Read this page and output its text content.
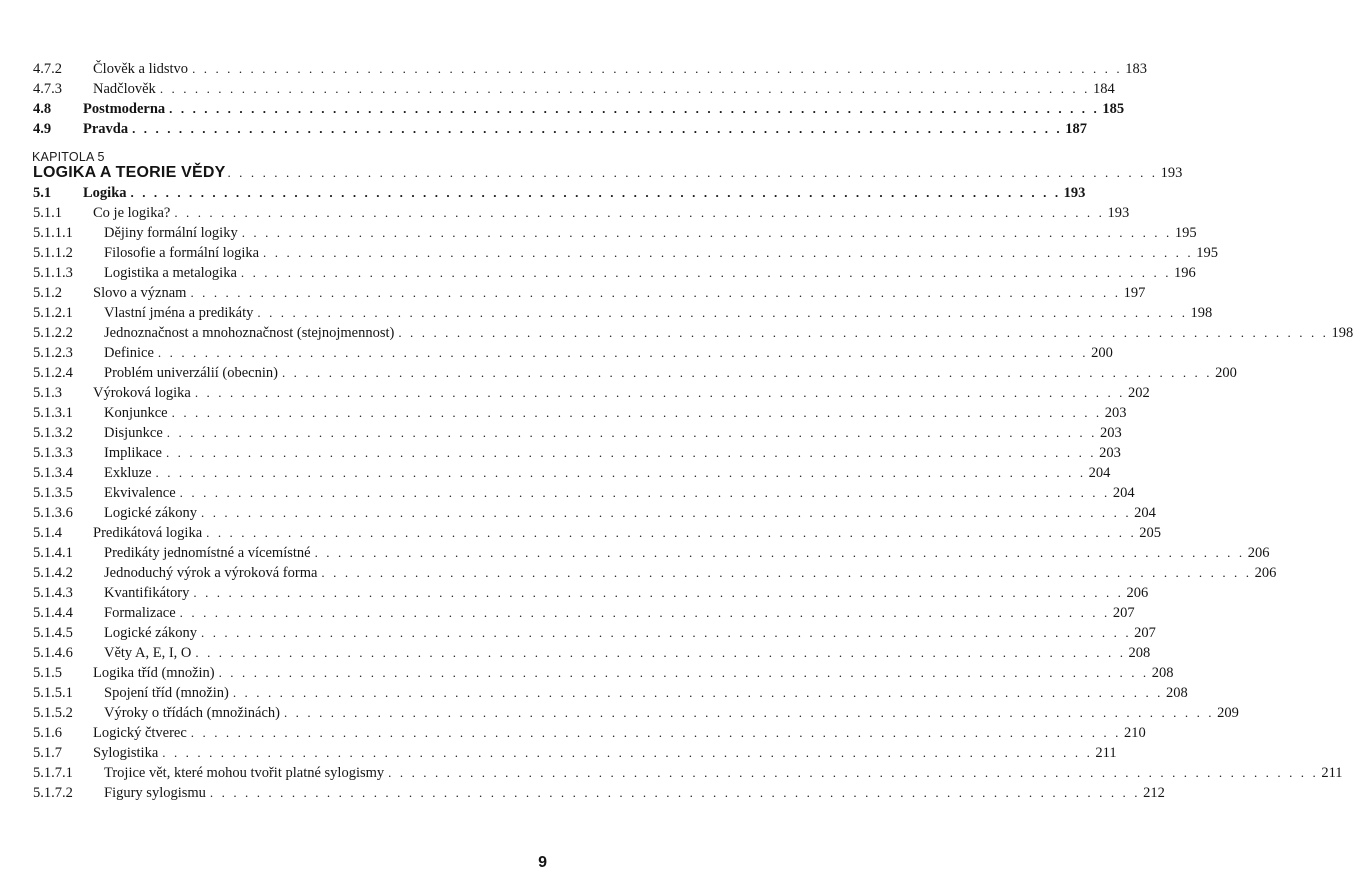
KAPITOLA 5
4.7.2 Člověk a lidstvo . . . . . . . . . . . . . . . . . . . . . . . . . . . . . . . . . . . . . . . . . . . . . . . . . . . . . . . . . . . . . . . . . . . . . . . . . . . . . . . . 183
4.7.3 Nadčlověk . . . . . . . . . . . . . . . . . . . . . . . . . . . . . . . . . . . . . . . . . . . . . . . . . . . . . . . . . . . . . . . . . . . . . . . . . . . . . . . . 184
4.8 Postmoderna . . . . . . . . . . . . . . . . . . . . . . . . . . . . . . . . . . . . . . . . . . . . . . . . . . . . . . . . . . . . . . . . . . . . . . . . . . . . . . . . 185
4.9 Pravda . . . . . . . . . . . . . . . . . . . . . . . . . . . . . . . . . . . . . . . . . . . . . . . . . . . . . . . . . . . . . . . . . . . . . . . . . . . . . . . . 187
LOGIKA A TEORIE VĚDY . . . . . . . . . . . . . . . . . . . . . . . . . . . . . . . . . . . . . . . . . . . . . . . . . . . . . . . . . . . . . . . . . . . . . . . . . . . . . . . . 193
5.1 Logika . . . . . . . . . . . . . . . . . . . . . . . . . . . . . . . . . . . . . . . . . . . . . . . . . . . . . . . . . . . . . . . . . . . . . . . . . . . . . . . . 193
5.1.1 Co je logika? . . . . . . . . . . . . . . . . . . . . . . . . . . . . . . . . . . . . . . . . . . . . . . . . . . . . . . . . . . . . . . . . . . . . . . . . . . . . . . . . 193
5.1.1.1 Dějiny formální logiky . . . . . . . . . . . . . . . . . . . . . . . . . . . . . . . . . . . . . . . . . . . . . . . . . . . . . . . . . . . . . . . . . . . . . . . . . . . . . . . . 195
5.1.1.2 Filosofie a formální logika . . . . . . . . . . . . . . . . . . . . . . . . . . . . . . . . . . . . . . . . . . . . . . . . . . . . . . . . . . . . . . . . . . . . . . . . . . . . . . . . 195
5.1.1.3 Logistika a metalogika . . . . . . . . . . . . . . . . . . . . . . . . . . . . . . . . . . . . . . . . . . . . . . . . . . . . . . . . . . . . . . . . . . . . . . . . . . . . . . . . 196
5.1.2 Slovo a význam . . . . . . . . . . . . . . . . . . . . . . . . . . . . . . . . . . . . . . . . . . . . . . . . . . . . . . . . . . . . . . . . . . . . . . . . . . . . . . . . 197
5.1.2.1 Vlastní jména a predikáty . . . . . . . . . . . . . . . . . . . . . . . . . . . . . . . . . . . . . . . . . . . . . . . . . . . . . . . . . . . . . . . . . . . . . . . . . . . . . . . . 198
5.1.2.2 Jednoznačnost a mnohoznačnost (stejnojmennost) . . . . . . . . . . . . . . . . . . . . . . . . . . . . . . . . . . . . . . . . . . . . . . . . . . . . . . . . . . . . . . . . . . . . . . . . . . . . . . . . 198
5.1.2.3 Definice . . . . . . . . . . . . . . . . . . . . . . . . . . . . . . . . . . . . . . . . . . . . . . . . . . . . . . . . . . . . . . . . . . . . . . . . . . . . . . . . 200
5.1.2.4 Problém univerzálií (obecnin) . . . . . . . . . . . . . . . . . . . . . . . . . . . . . . . . . . . . . . . . . . . . . . . . . . . . . . . . . . . . . . . . . . . . . . . . . . . . . . . . 200
5.1.3 Výroková logika . . . . . . . . . . . . . . . . . . . . . . . . . . . . . . . . . . . . . . . . . . . . . . . . . . . . . . . . . . . . . . . . . . . . . . . . . . . . . . . . 202
5.1.3.1 Konjunkce . . . . . . . . . . . . . . . . . . . . . . . . . . . . . . . . . . . . . . . . . . . . . . . . . . . . . . . . . . . . . . . . . . . . . . . . . . . . . . . . 203
5.1.3.2 Disjunkce . . . . . . . . . . . . . . . . . . . . . . . . . . . . . . . . . . . . . . . . . . . . . . . . . . . . . . . . . . . . . . . . . . . . . . . . . . . . . . . . 203
5.1.3.3 Implikace . . . . . . . . . . . . . . . . . . . . . . . . . . . . . . . . . . . . . . . . . . . . . . . . . . . . . . . . . . . . . . . . . . . . . . . . . . . . . . . . 203
5.1.3.4 Exkluze . . . . . . . . . . . . . . . . . . . . . . . . . . . . . . . . . . . . . . . . . . . . . . . . . . . . . . . . . . . . . . . . . . . . . . . . . . . . . . . . 204
5.1.3.5 Ekvivalence . . . . . . . . . . . . . . . . . . . . . . . . . . . . . . . . . . . . . . . . . . . . . . . . . . . . . . . . . . . . . . . . . . . . . . . . . . . . . . . . 204
5.1.3.6 Logické zákony . . . . . . . . . . . . . . . . . . . . . . . . . . . . . . . . . . . . . . . . . . . . . . . . . . . . . . . . . . . . . . . . . . . . . . . . . . . . . . . . 204
5.1.4 Predikátová logika . . . . . . . . . . . . . . . . . . . . . . . . . . . . . . . . . . . . . . . . . . . . . . . . . . . . . . . . . . . . . . . . . . . . . . . . . . . . . . . . 205
5.1.4.1 Predikáty jednomístné a vícemístné . . . . . . . . . . . . . . . . . . . . . . . . . . . . . . . . . . . . . . . . . . . . . . . . . . . . . . . . . . . . . . . . . . . . . . . . . . . . . . . . 206
5.1.4.2 Jednoduchý výrok a výroková forma . . . . . . . . . . . . . . . . . . . . . . . . . . . . . . . . . . . . . . . . . . . . . . . . . . . . . . . . . . . . . . . . . . . . . . . . . . . . . . . . 206
5.1.4.3 Kvantifikátory . . . . . . . . . . . . . . . . . . . . . . . . . . . . . . . . . . . . . . . . . . . . . . . . . . . . . . . . . . . . . . . . . . . . . . . . . . . . . . . . 206
5.1.4.4 Formalizace . . . . . . . . . . . . . . . . . . . . . . . . . . . . . . . . . . . . . . . . . . . . . . . . . . . . . . . . . . . . . . . . . . . . . . . . . . . . . . . . 207
5.1.4.5 Logické zákony . . . . . . . . . . . . . . . . . . . . . . . . . . . . . . . . . . . . . . . . . . . . . . . . . . . . . . . . . . . . . . . . . . . . . . . . . . . . . . . . 207
5.1.4.6 Věty A, E, I, O . . . . . . . . . . . . . . . . . . . . . . . . . . . . . . . . . . . . . . . . . . . . . . . . . . . . . . . . . . . . . . . . . . . . . . . . . . . . . . . . 208
5.1.5 Logika tříd (množin) . . . . . . . . . . . . . . . . . . . . . . . . . . . . . . . . . . . . . . . . . . . . . . . . . . . . . . . . . . . . . . . . . . . . . . . . . . . . . . . . 208
5.1.5.1 Spojení tříd (množin) . . . . . . . . . . . . . . . . . . . . . . . . . . . . . . . . . . . . . . . . . . . . . . . . . . . . . . . . . . . . . . . . . . . . . . . . . . . . . . . . 208
5.1.5.2 Výroky o třídách (množinách) . . . . . . . . . . . . . . . . . . . . . . . . . . . . . . . . . . . . . . . . . . . . . . . . . . . . . . . . . . . . . . . . . . . . . . . . . . . . . . . . 209
5.1.6 Logický čtverec . . . . . . . . . . . . . . . . . . . . . . . . . . . . . . . . . . . . . . . . . . . . . . . . . . . . . . . . . . . . . . . . . . . . . . . . . . . . . . . . 210
5.1.7 Sylogistika . . . . . . . . . . . . . . . . . . . . . . . . . . . . . . . . . . . . . . . . . . . . . . . . . . . . . . . . . . . . . . . . . . . . . . . . . . . . . . . . 211
5.1.7.1 Trojice vět, které mohou tvořit platné sylogismy . . . . . . . . . . . . . . . . . . . . . . . . . . . . . . . . . . . . . . . . . . . . . . . . . . . . . . . . . . . . . . . . . . . . . . . . . . . . . . . . 211
5.1.7.2 Figury sylogismu . . . . . . . . . . . . . . . . . . . . . . . . . . . . . . . . . . . . . . . . . . . . . . . . . . . . . . . . . . . . . . . . . . . . . . . . . . . . . . . . 212
9
